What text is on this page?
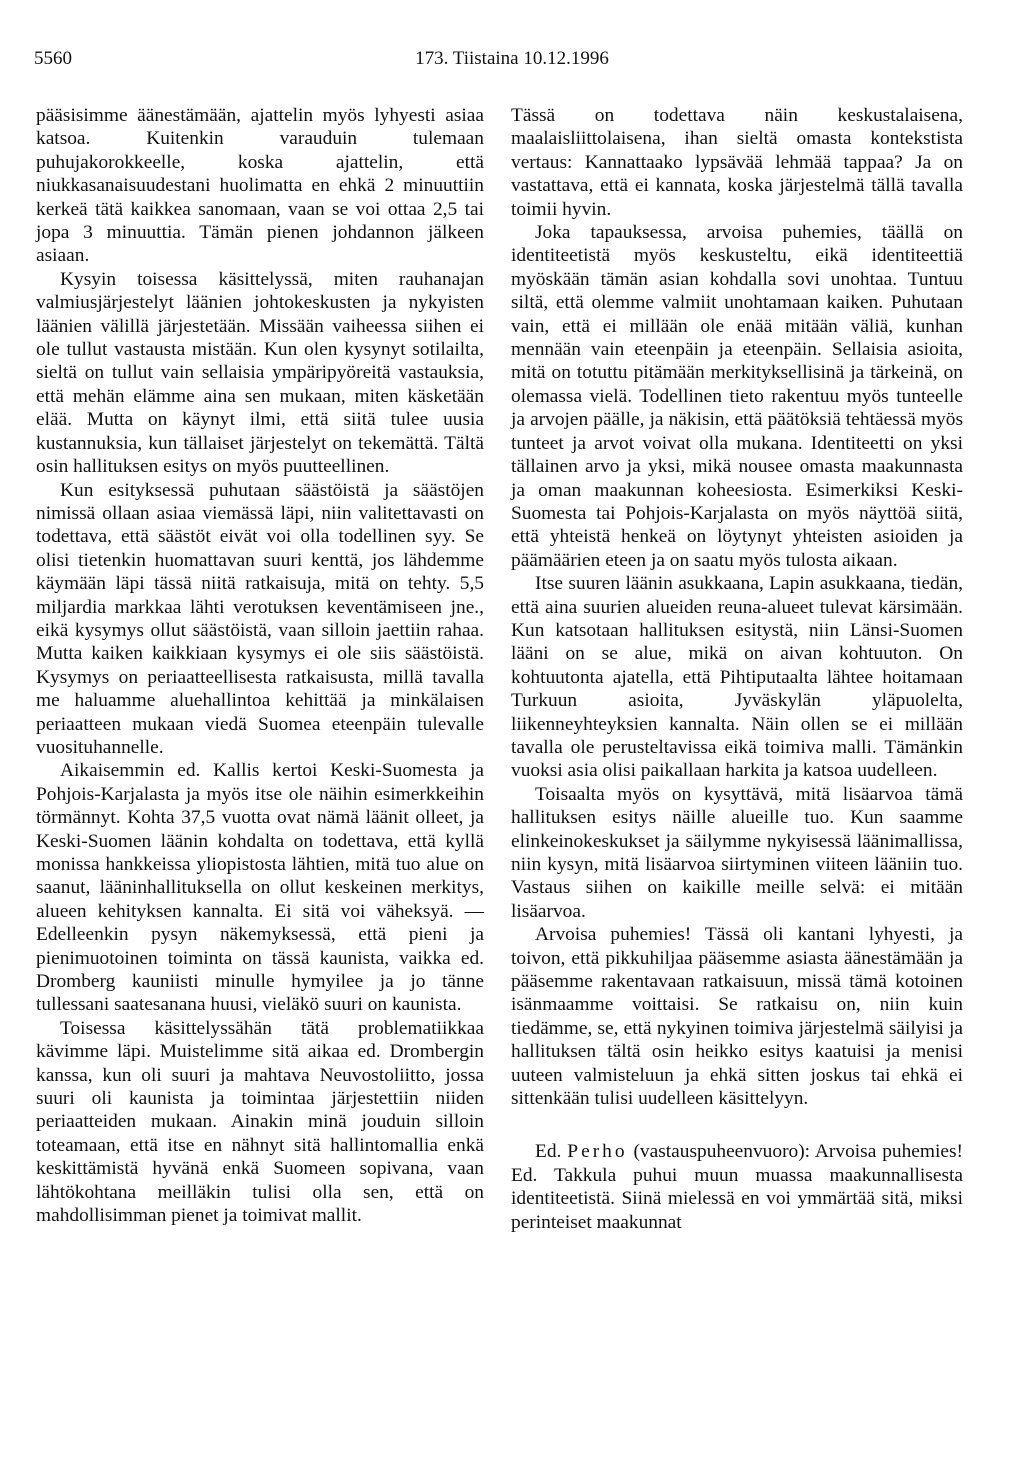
5560	173. Tiistaina 10.12.1996

pääsisimme äänestämään, ajattelin myös lyhyesti asiaa katsoa. Kuitenkin varauduin tulemaan puhujakorokkeelle, koska ajattelin, että niukkasanaisuudestani huolimatta en ehkä 2 minuuttiin kerkeä tätä kaikkea sanomaan, vaan se voi ottaa 2,5 tai jopa 3 minuuttia. Tämän pienen johdannon jälkeen asiaan.

Kysyin toisessa käsittelyssä, miten rauhanajan valmiusjärjestelyt läänien johtokeskusten ja nykyisten läänien välillä järjestetään. Missään vaiheessa siihen ei ole tullut vastausta mistään. Kun olen kysynyt sotilailta, sieltä on tullut vain sellaisia ympäripyöreitä vastauksia, että mehän elämme aina sen mukaan, miten käsketään elää. Mutta on käynyt ilmi, että siitä tulee uusia kustannuksia, kun tällaiset järjestelyt on tekemättä. Tältä osin hallituksen esitys on myös puutteellinen.

Kun esityksessä puhutaan säästöistä ja säästöjen nimissä ollaan asiaa viemässä läpi, niin valitettavasti on todettava, että säästöt eivät voi olla todellinen syy. Se olisi tietenkin huomattavan suuri kenttä, jos lähdemme käymään läpi tässä niitä ratkaisuja, mitä on tehty. 5,5 miljardia markkaa lähti verotuksen keventämiseen jne., eikä kysymys ollut säästöistä, vaan silloin jaettiin rahaa. Mutta kaiken kaikkiaan kysymys ei ole siis säästöistä. Kysymys on periaatteellisesta ratkaisusta, millä tavalla me haluamme aluehallintoa kehittää ja minkälaisen periaatteen mukaan viedä Suomea eteenpäin tulevalle vuosituhannelle.

Aikaisemmin ed. Kallis kertoi Keski-Suomesta ja Pohjois-Karjalasta ja myös itse ole näihin esimerkkeihin törmännyt. Kohta 37,5 vuotta ovat nämä läänit olleet, ja Keski-Suomen läänin kohdalta on todettava, että kyllä monissa hankkeissa yliopistosta lähtien, mitä tuo alue on saanut, lääninhallituksella on ollut keskeinen merkitys, alueen kehityksen kannalta. Ei sitä voi väheksyä. — Edelleenkin pysyn näkemyksessä, että pieni ja pienimuotoinen toiminta on tässä kaunista, vaikka ed. Dromberg kauniisti minulle hymyilee ja jo tänne tullessani saatesanana huusi, vieläkö suuri on kaunista.

Toisessa käsittelyssähän tätä problematiikkaa kävimme läpi. Muistelimme sitä aikaa ed. Drombergin kanssa, kun oli suuri ja mahtava Neuvostoliitto, jossa suuri oli kaunista ja toimintaa järjestettiin niiden periaatteiden mukaan. Ainakin minä jouduin silloin toteamaan, että itse en nähnyt sitä hallintomallia enkä keskittämistä hyvänä enkä Suomeen sopivana, vaan lähtökohtana meilläkin tulisi olla sen, että on mahdollisimman pienet ja toimivat mallit.

Tässä on todettava näin keskustalaisena, maalaisliittolaisena, ihan sieltä omasta kontekstista vertaus: Kannattaako lypsävää lehmää tappaa? Ja on vastattava, että ei kannata, koska järjestelmä tällä tavalla toimii hyvin.

Joka tapauksessa, arvoisa puhemies, täällä on identiteetistä myös keskusteltu, eikä identiteettiä myöskään tämän asian kohdalla sovi unohtaa. Tuntuu siltä, että olemme valmiit unohtamaan kaiken. Puhutaan vain, että ei millään ole enää mitään väliä, kunhan mennään vain eteenpäin ja eteenpäin. Sellaisia asioita, mitä on totuttu pitämään merkityksellisinä ja tärkeinä, on olemassa vielä. Todellinen tieto rakentuu myös tunteelle ja arvojen päälle, ja näkisin, että päätöksiä tehtäessä myös tunteet ja arvot voivat olla mukana. Identiteetti on yksi tällainen arvo ja yksi, mikä nousee omasta maakunnasta ja oman maakunnan koheesiosta. Esimerkiksi Keski-Suomesta tai Pohjois-Karjalasta on myös näyttöä siitä, että yhteistä henkeä on löytynyt yhteisten asioiden ja päämäärien eteen ja on saatu myös tulosta aikaan.

Itse suuren läänin asukkaana, Lapin asukkaana, tiedän, että aina suurien alueiden reuna-alueet tulevat kärsimään. Kun katsotaan hallituksen esitystä, niin Länsi-Suomen lääni on se alue, mikä on aivan kohtuuton. On kohtuutonta ajatella, että Pihtiputaalta lähtee hoitamaan Turkuun asioita, Jyväskylän yläpuolelta, liikenneyhteyksien kannalta. Näin ollen se ei millään tavalla ole perusteltavissa eikä toimiva malli. Tämänkin vuoksi asia olisi paikallaan harkita ja katsoa uudelleen.

Toisaalta myös on kysyttävä, mitä lisäarvoa tämä hallituksen esitys näille alueille tuo. Kun saamme elinkeinokeskukset ja säilymme nykyisessä läänimallissa, niin kysyn, mitä lisäarvoa siirtyminen viiteen lääniin tuo. Vastaus siihen on kaikille meille selvä: ei mitään lisäarvoa.

Arvoisa puhemies! Tässä oli kantani lyhyesti, ja toivon, että pikkuhiljaa pääsemme asiasta äänestämään ja pääsemme rakentavaan ratkaisuun, missä tämä kotoinen isänmaamme voittaisi. Se ratkaisu on, niin kuin tiedämme, se, että nykyinen toimiva järjestelmä säilyisi ja hallituksen tältä osin heikko esitys kaatuisi ja menisi uuteen valmisteluun ja ehkä sitten joskus tai ehkä ei sittenkään tulisi uudelleen käsittelyyn.

Ed. Perho (vastauspuheenvuoro): Arvoisa puhemies! Ed. Takkula puhui muun muassa maakunnallisesta identiteetistä. Siinä mielessä en voi ymmärtää sitä, miksi perinteiset maakunnat
